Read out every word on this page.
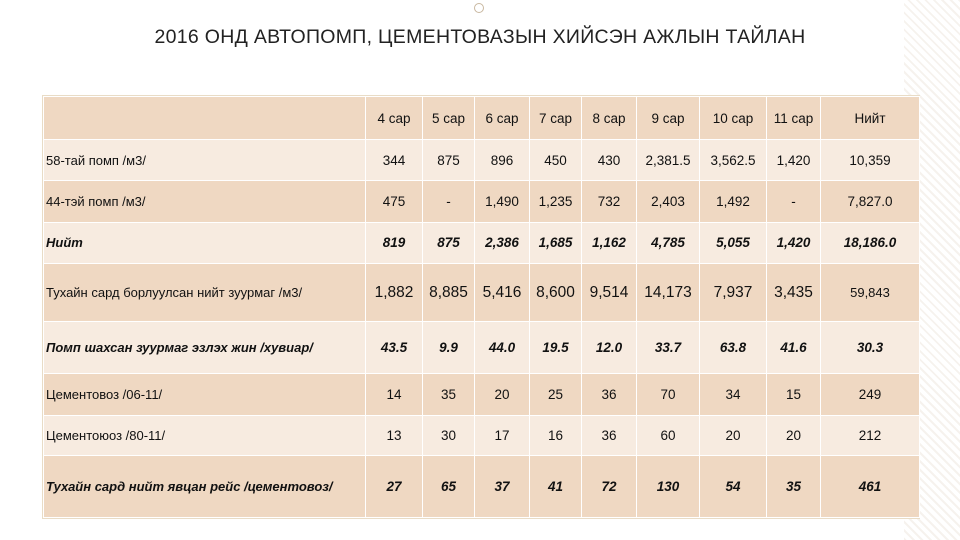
2016 ОНД АВТОПОМП, ЦЕМЕНТОВАЗЫН ХИЙСЭН АЖЛЫН ТАЙЛАН
	4 сар	5 сар	6 сар	7 сар	8 сар	9 сар	10 сар	11 сар	Нийт
58-тай помп /м3/	344	875	896	450	430	2,381.5	3,562.5	1,420	10,359
44-тэй помп /м3/	475	-	1,490	1,235	732	2,403	1,492	-	7,827.0
Нийт	819	875	2,386	1,685	1,162	4,785	5,055	1,420	18,186.0
Тухайн сард борлуулсан нийт зуурмаг /м3/	1,882	8,885	5,416	8,600	9,514	14,173	7,937	3,435	59,843
Помп шахсан зуурмаг эзлэх жин /хувиар/	43.5	9.9	44.0	19.5	12.0	33.7	63.8	41.6	30.3
Цементовоз /06-11/	14	35	20	25	36	70	34	15	249
Цементоюоз /80-11/	13	30	17	16	36	60	20	20	212
Тухайн сард нийт явцан рейс /цементовоз/	27	65	37	41	72	130	54	35	461
